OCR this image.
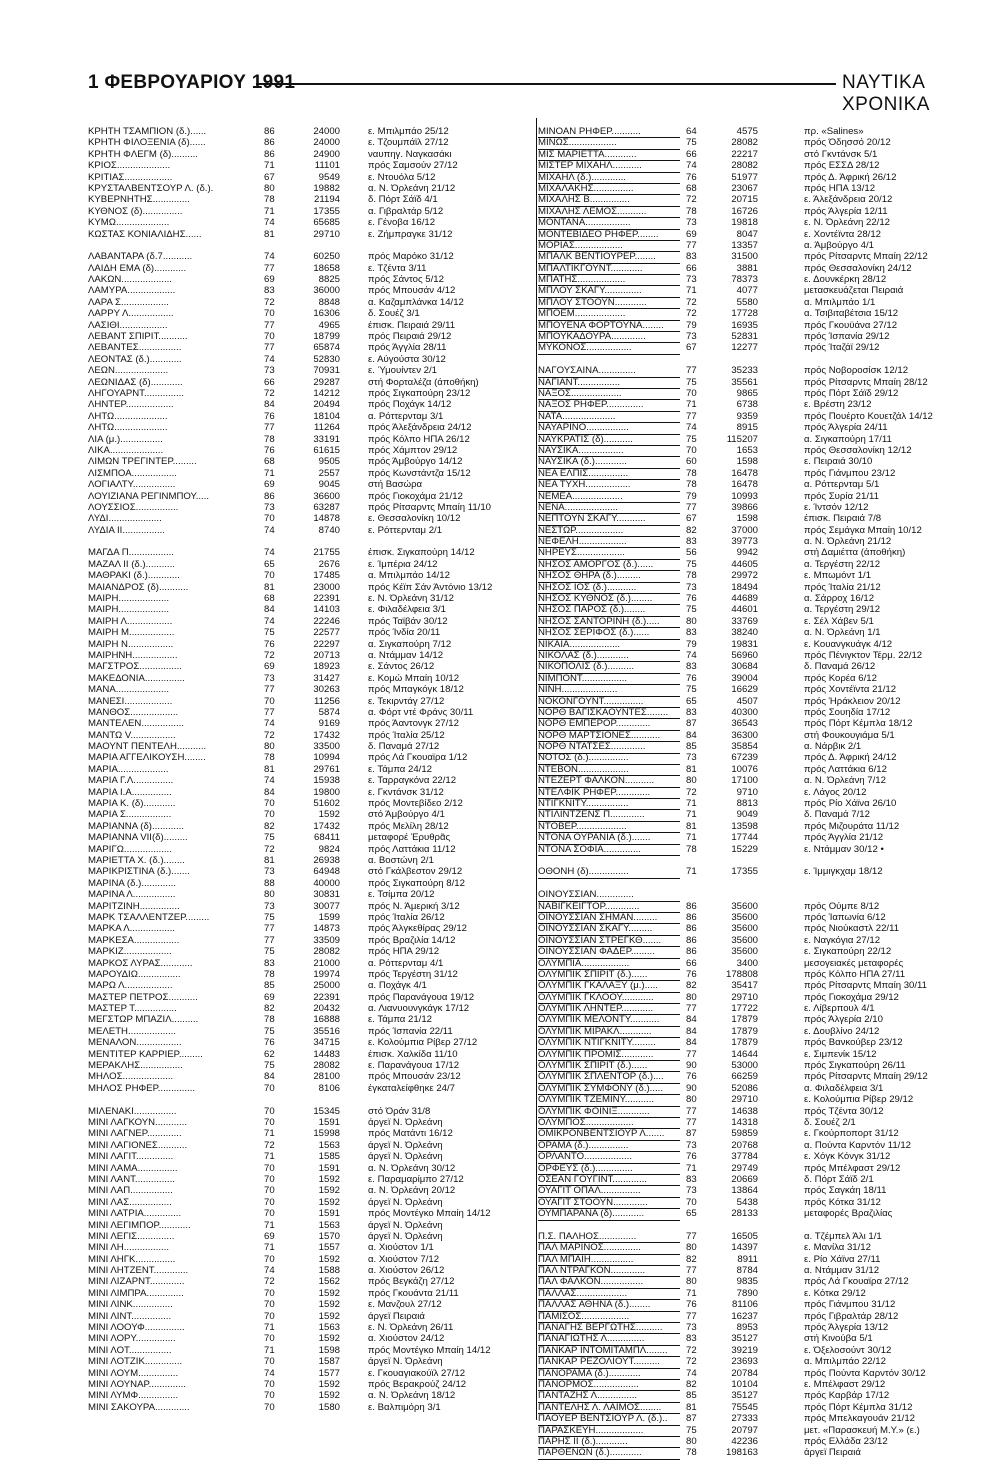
1 ΦΕΒΡΟΥΑΡΙΟΥ 1991	ΝΑΥΤΙΚΑ ΧΡΟΝΙΚΑ
ΚΡΗΤΗ ΤΣΑΜΠΙΟΝ (δ.)......	86	24000	ε. Μπιλμπάο 25/12
ΚΡΗΤΗ ΦΙΛΟΞΕΝΙΑ (δ)......	86	24000	ε. Τζουμπάϊλ 27/12
ΚΡΗΤΗ ΦΛΕΓΜ (δ)..........	86	24900	ναυπηγ. Ναγκασάκι
ΚΡΙΟΣ....................	71	11101	πρός Σαμσούν 27/12
ΚΡΙΤΙΑΣ..................	67	9549	ε. Ντουόλα 5/12
ΚΡΥΣΤΑΛΒΕΝΤΣΟΥΡ Λ. (δ.).	80	19882	α. Ν. Όρλεάνη 21/12
ΚΥΒΕΡΝΗΤΗΣ..............	78	21194	δ. Πόρτ Σάϊδ 4/1
ΚΥΘΝΟΣ (δ)...............	71	17355	α. Γιβραλτάρ 5/12
ΚΥΜΩ....................	74	65685	ε. Γένοβα 16/12
ΚΩΣΤΑΣ ΚΟΝΙΑΛΙΔΗΣ......	81	29710	ε. Ζήμπραγκε 31/12
ΛΑΒΑΝΤΑΡΑ (δ.7...........	74	60250	πρός Μαρόκο 31/12
ΛΑΙΔΗ ΕΜΑ (δ)............	77	18658	ε. Τζέντα 3/11
ΛΑΚΩΝ...................	69	8825	πρός Σάντος 5/12
ΛΑΜΥΡΑ..................	83	36000	πρός Μπουσάν 4/12
ΛΑΡΑ Σ..................	72	8848	α. Καζαμπλάνκα 14/12
ΛΑΡΡΥ Λ.................	70	16306	δ. Σουέζ 3/1
ΛΑΣΙΘΙ..................	77	4965	έπισκ. Πειραιά 29/11
ΛΕΒΑΝΤ ΣΠΙΡΙΤ...........	70	18799	πρός Πειραιά 29/12
ΛΕΒΑΝΤΕΣ................	77	65874	πρός Άγγλία 28/11
ΛΕΟΝΤΑΣ (δ.)............	74	52830	ε. Αύγούστα 30/12
ΛΕΩΝ....................	73	70931	ε. Ύμουίντεν 2/1
ΛΕΩΝΙΔΑΣ (δ)............	66	29287	στή Φορταλέζα (άποθήκη)
ΛΗΓΟΥΑΡΝΤ...............	72	14212	πρός Σιγκαπούρη 23/12
ΛΗΝΤΕΡ..................	84	20494	πρός Ποχάγκ 14/12
ΛΗΤΩ....................	76	18104	α. Ρόττερνταμ 3/1
ΛΗΤΩ....................	77	11264	πρός Άλεξάνδρεια 24/12
ΛΙΑ (μ.)................	78	33191	πρός Κόλπο ΗΠΑ 26/12
ΛΙΚΑ....................	76	61615	πρός Χάμπτον 29/12
ΛΙΜΩΝ ΤΡΕΓΙΝΤΕΡ.........	68	9505	πρός Άμβούργο 14/12
ΛΙΣΜΠΟΑ.................	71	2557	πρός Κωνστάντζα 15/12
ΛΟΓΙΑΛΤΥ................	69	9045	στή Βασώρα
ΛΟΥΙΖΙΑΝΑ ΡΕΓΙΝΜΠΟΥ.....	86	36600	πρός Γιοκοχάμα 21/12
ΛΟΥΣΣΙΟΣ................	73	63287	πρός Ρίτσαρντς Μπαίη 11/10
ΛΥΔΙ....................	70	14878	ε. Θεσσαλονίκη 10/12
ΛΥΔΙΑ ΙΙ................	74	8740	ε. Ρόττερνταμ 2/1
ΜΑΓΔΑ Π.................	74	21755	έπισκ. Σιγκαπούρη 14/12
ΜΑΖΑΛ ΙΙ (δ.)...........	65	2676	ε. Ίμπέρια 24/12
ΜΑΘΡΑΚΙ (δ.)............	70	17485	α. Μπιλμπάο 14/12
ΜΑΙΑΝΔΡΟΣ (δ)...........	81	23000	πρός Κέϊπ Σάν Άντόνιο 13/12
ΜΑΙΡΗ...................	68	22391	ε. Ν. Όρλεάνη 31/12
ΜΑΙΡΗ...................	84	14103	ε. Φιλαδέλφεια 3/1
ΜΑΙΡΗ Λ.................	74	22246	πρός Ταϊβάν 30/12
ΜΑΙΡΗ Μ.................	75	22577	πρός Ίνδία 20/11
ΜΑΙΡΗ Ν.................	76	22297	α. Σιγκαπούρη 7/12
ΜΑΙΡΗΝΗ.................	72	20713	α. Ντάμμαν 14/12
ΜΑΓΣΤΡΟΣ................	69	18923	ε. Σάντος 26/12
ΜΑΚΕΔΟΝΙΑ...............	73	31427	ε. Κομώ Μπαίη 10/12
ΜΑΝΑ....................	77	30263	πρός Μπαγκόγκ 18/12
ΜΑΝΕΣΙ..................	70	11256	ε. Τεκιρντάγ 27/12
ΜΑΝΘΟΣ..................	77	5874	α. Φόρτ ντέ Φράνς 30/11
ΜΑΝΤΕΛΕΝ................	74	9169	πρός Άαντονγκ 27/12
ΜΑΝΤΩ V.................	72	17432	πρός Ίταλία 25/12
ΜΑΟΥΝΤ ΠΕΝΤΕΛΗ...........	80	33500	δ. Παναμά 27/12
ΜΑΡΙΑ ΑΓΓΕΛΙΚΟΥΣΗ........	78	10994	πρός Λά Γκουαϊρα 1/12
ΜΑΡΙΑ...................	81	29761	ε. Τάμπα 24/12
ΜΑΡΙΑ Γ.Λ...............	74	15938	ε. Ταρραγκόνα 22/12
ΜΑΡΙΑ Ι.Α...............	84	19800	ε. Γκντάνσκ 31/12
ΜΑΡΙΑ Κ. (δ)............	70	51602	πρός Μοντεβίδεο 2/12
ΜΑΡΙΑ Σ.................	70	1592	στό Άμβούργο 4/1
ΜΑΡΙΑΝΝΑ (δ)............	82	17432	πρός Μελίλη 28/12
ΜΑΡΙΑΝΝΑ VII(δ).........	75	68411	μεταφορέ Έρυθρᾶς
ΜΑΡΙΓΩ..................	72	9824	πρός Λαττάκια 11/12
ΜΑΡΙΕΤΤΑ Χ. (δ.)........	81	26938	α. Βοστώνη 2/1
ΜΑΡΙΚΡΙΣΤΙΝΑ (δ.).......	73	64948	στό Γκάλβεστον 29/12
ΜΑΡΙΝΑ (δ.).............	88	40000	πρός Σιγκαπούρη 8/12
ΜΑΡΙΝΑ Λ................	80	30831	ε. Τσίμπα 20/12
ΜΑΡΙΤΖΙΝΗ...............	73	30077	πρός Ν. Άμερική 3/12
ΜΑΡΚ ΤΣΑΛΛΕΝΤΖΕΡ.........	75	1599	πρός Ίταλία 26/12
ΜΑΡΚΑ Λ.................	77	14873	πρός Άλγκεθίρας 29/12
ΜΑΡΚΕΣΑ.................	77	33509	πρός Βραζιλία 14/12
ΜΑΡΚΙΖ..................	75	28082	πρός ΗΠΑ 29/12
ΜΑΡΚΟΣ ΛΥΡΑΣ............	83	21000	α. Ρόττερνταμ 4/1
ΜΑΡΟΥΔΙΩ................	78	19974	πρός Τεργέστη 31/12
ΜΑΡΩ Λ..................	85	25000	α. Ποχάγκ 4/1
ΜΑΣΤΕΡ ΠΕΤΡΟΣ...........	69	22391	πρός Παρανάγουα 19/12
ΜΑΣΤΕΡ Τ................	82	20432	α. Λιανυουνγκάγκ 17/12
ΜΕΓΣΤΩΡ ΜΠΑΖΙΛ..........	78	16888	ε. Τάμπα 21/12
ΜΕΛΕΤΗ..................	75	35516	πρός Ίσπανία 22/11
ΜΕΝΑΛΟΝ.................	76	34715	ε. Κολούμπια Ρίβερ 27/12
ΜΕΝΤΙΤΕΡ ΚΑΡΡΙΕΡ.........	62	14483	έπισκ. Χαλκίδα 11/10
ΜΕΡΑΚΛΗΣ................	75	28082	ε. Παρανάγουα 17/12
ΜΗΛΟΣ...................	84	28100	πρός Μπουσάν 23/12
ΜΗΛΟΣ ΡΗΦΕΡ..............	70	8106	έγκαταλείφθηκε 24/7
ΜΙΛΕΝΑΚΙ................	70	15345	στό Όράν 31/8
ΜΙΝΙ ΛΑΓΚΟΥΝ............	70	1591	άργεϊ Ν. Όρλεάνη
ΜΙΝΙ ΛΑΓΝΕΡ.............	71	15998	πρός Ματάντι 16/12
ΜΙΝΙ ΛΑΓΙΟΝΕΣ...........	72	1563	άργεϊ Ν. Όρλεάνη
ΜΙΝΙ ΛΑΓΙΤ..............	71	1585	άργεϊ Ν. Όρλεάνη
ΜΙΝΙ ΛΑΜΑ...............	70	1591	α. Ν. Όρλεάνη 30/12
ΜΙΝΙ ΛΑΝΤ...............	70	1592	ε. Παραμαρίμπο 27/12
ΜΙΝΙ ΛΑΠ................	70	1592	α. Ν. Όρλεάνη 20/12
ΜΙΝΙ ΛΑΣ................	70	1592	άργεϊ Ν. Όρλεάνη
ΜΙΝΙ ΛΑΤΡΙΑ..............	70	1591	πρός Μοντέγκο Μπαίη 14/12
ΜΙΝΙ ΛΕΓΙΜΠΟΡ............	71	1563	άργεϊ Ν. Όρλεάνη
ΜΙΝΙ ΛΕΓΙΣ..............	69	1570	άργεϊ Ν. Όρλεάνη
ΜΙΝΙ ΛΗ.................	71	1557	α. Χιούστον 1/1
ΜΙΝΙ ΛΗΓΚ...............	70	1592	α. Χιούστον 7/12
ΜΙΝΙ ΛΗΤΖΕΝΤ.............	74	1588	α. Χιούστον 26/12
ΜΙΝΙ ΛΙΖΑΡΝΤ.............	72	1562	πρός Βεγκάζη 27/12
ΜΙΝΙ ΛΙΜΠΡΑ..............	70	1592	πρός Γκουάντα 21/11
ΜΙΝΙ ΛΙΝΚ...............	70	1592	ε. Μανζουλ 27/12
ΜΙΝΙ ΛΙΝΤ...............	70	1592	άργεϊ Πειραιά
ΜΙΝΙ ΛΟΟΥΦ...............	71	1563	ε. Ν. Όρλεάνη 26/11
ΜΙΝΙ ΛΟΡΥ...............	70	1592	α. Χιούστον 24/12
ΜΙΝΙ ΛΟΤ................	71	1598	πρός Μοντέγκο Μπαίη 14/12
ΜΙΝΙ ΛΟΤΖΙΚ..............	70	1587	άργεϊ Ν. Όρλεάνη
ΜΙΝΙ ΛΟΥΜ...............	74	1577	ε. Γκουαγιακούϊλ 27/12
ΜΙΝΙ ΛΟΥΝΑΡ..............	70	1592	πρός Βερακρούζ 24/12
ΜΙΝΙ ΛΥΜΦ...............	70	1592	α. Ν. Όρλεάνη 18/12
ΜΙΝΙ ΣΑΚΟΥΡΑ.............	70	1580	ε. Βαλπιμόρη 3/1
ΜΙΝΟΑΝ ΡΗΦΕΡ...........	64	4575	πρ. «Salines»
ΜΙΝΩΣ..................	75	28082	πρός Όδησσό 20/12
ΜΙΣ ΜΑΡΙΕΤΤΑ............	66	22217	στό Γκντάνσκ 5/1
ΜΙΣΤΕΡ ΜΙΧΑΗΛ...........	74	28082	πρός ΕΣΣΔ 28/12
ΜΙΧΑΗΛ (δ.).............	76	51977	πρός Δ. Άφρική 26/12
ΜΙΧΑΛΑΚΗΣ...............	68	23067	πρός ΗΠΑ 13/12
ΜΙΧΑΛΗΣ Β...............	72	20715	ε. Άλεξάνδρεια 20/12
ΜΙΧΑΛΗΣ ΛΕΜΟΣ...........	78	16726	πρός Άλγερία 12/11
ΜΟΝΤΑΝΑ.................	73	19818	ε. Ν. Όρλεάνη 22/12
ΜΟΝΤΕΒΙΔΕΟ ΡΗΦΕΡ........	69	8047	ε. Χοντέϊντα 28/12
ΜΟΡΙΑΣ..................	77	13357	α. Άμβούργο 4/1
ΜΠΑΛΚ ΒΕΝΤΙΟΥΡΕΡ........	83	31500	πρός Ρίτσαρντς Μπαίη 22/12
ΜΠΑΛΤΙΚΓΟΥΝΤ............	66	3881	πρός Θεσσαλονίκη 24/12
ΜΠΑΤΗΣ..................	73	78373	ε. Δουνκέρκη 28/12
ΜΠΛΟΥ ΣΚΑΓΥ..............	71	4077	μετασκευάζεται Πειραιά
ΜΠΛΟΥ ΣΤΟΟΥΝ............	72	5580	α. Μπιλμπάο 1/1
ΜΠΟΕΜ...................	72	17728	α. Τσιβιταβέτσια 15/12
ΜΠΟΥΕΝΑ ΦΟΡΤΟΥΝΑ........	79	16935	πρός Γκουϋάνα 27/12
ΜΠΟΥΚΑΔΟΥΡΑ.............	73	52831	πρός Ίσπανία 29/12
ΜΥΚΟΝΟΣ.................	67	12277	πρός Ίταζάϊ 29/12
ΝΑΓΟΥΣΑΙΝΑ..............	77	35233	πρός Νοβοροσίσκ 12/12
ΝΑΓΙΑΝΤ................	75	35561	πρός Ρίτσαρντς Μπαίη 28/12
ΝΑΞΟΣ...................	70	9865	πρός Πόρτ Σάϊδ 29/12
ΝΑΞΟΣ ΡΗΦΕΡ..............	71	6738	ε. Βρέστη 23/12
ΝΑΤΑ....................	77	9359	πρός Πουέρτο Κουετζάλ 14/12
ΝΑΥΑΡΙΝΟ................	74	8915	πρός Άλγερία 24/11
ΝΑΥΚΡΑΤΙΣ (δ)...........	75	115207	α. Σιγκαπούρη 17/11
ΝΑΥΣΙΚΑ.................	70	1653	πρός Θεσσαλονίκη 12/12
ΝΑΥΣΙΚΑ (δ.)............	60	1598	ε. Πειραιά 30/10
ΝΕΑ ΕΛΠΙΣ...............	78	16478	πρός Γιάνμπου 23/12
ΝΕΑ ΤΥΧΗ.................	78	16478	α. Ρόττερνταμ 5/1
ΝΕΜΕΑ...................	79	10993	πρός Συρία 21/11
ΝΕΝΑ....................	77	39866	ε. Ίντσόν 12/12
ΝΕΠΤΟΥΝ ΣΚΑΓΥ...........	67	1598	έπισκ. Πειραιά 7/8
ΝΕΣΤΩΡ..................	82	37000	πρός Σεμάγκα Μπαίη 10/12
ΝΕΦΕΛΗ..................	83	39773	α. Ν. Όρλεάνη 21/12
ΝΗΡΕΥΣ..................	56	9942	στή Δαμιέττα (άποθήκη)
ΝΗΣΟΣ ΑΜΟΡΓΟΣ (δ.)......	75	44605	α. Τεργέστη 22/12
ΝΗΣΟΣ ΘΗΡΑ (δ.).........	78	29972	ε. Μπωμόντ 1/1
ΝΗΣΟΣ ΙΟΣ (δ.)...........	73	18494	πρός Ίταλία 21/12
ΝΗΣΟΣ ΚΥΘΝΟΣ (δ.)........	76	44689	α. Σάρροχ 16/12
ΝΗΣΟΣ ΠΑΡΟΣ (δ.)........	75	44601	α. Τεργέστη 29/12
ΝΗΣΟΣ ΣΑΝΤΟΡΙΝΗ (δ.).....	80	33769	ε. Σέλ Χάβεν 5/1
ΝΗΣΟΣ ΣΕΡΙΦΟΣ (δ.)......	83	38240	α. Ν. Όρλεάνη 1/1
ΝΙΚΑΙΑ...................	79	19831	ε. Κουανγκυάγκ 4/12
ΝΙΚΟΛΑΣ (δ.)............	74	56960	πρός Πένιγκτον Τέρμ. 22/12
ΝΙΚΟΠΟΛΙΣ (δ.)..........	83	30684	δ. Παναμά 26/12
ΝΙΜΠΟΝΤ.................	76	39004	πρός Κορέα 6/12
ΝΙΝΗ.....................	75	16629	πρός Χοντέϊντα 21/12
ΝΟΚΟΝΓΟΥΝΤ...............	65	4507	πρός Ήράκλειον 20/12
ΝΟΡΘ ΒΑΓΙΣΚΑΟΥΝΤΕΣ........	83	40300	πρός Σουηδία 17/12
ΝΟΡΘ ΕΜΠΕΡΟΡ.............	87	36543	πρός Πόρτ Κέμπλα 18/12
ΝΟΡΘ ΜΑΡΤΣΙΟΝΕΣ...........	84	36300	στή Φουκουγιάμα 5/1
ΝΟΡΘ ΝΤΑΤΣΕΣ.............	85	35854	α. Νάρβικ 2/1
ΝΟΤΟΣ (δ.)...............	73	67239	πρός Δ. Άφρική 24/12
ΝΤΕΒΟΝ...................	81	10076	πρός Λαττάκια 6/12
ΝΤΕΖΕΡΤ ΦΑΛΚΟΝ...........	80	17100	α. Ν. Όρλεάνη 7/12
ΝΤΕΛΦΙΚ ΡΗΦΕΡ.............	72	9710	ε. Λάγος 20/12
ΝΤΙΓΚΝΙΤΥ................	71	8813	πρός Ρίο Χάϊνα 26/10
ΝΤΙΛΙΝΤΖΕΝΣ Π.............	71	9049	δ. Παναμά 7/12
ΝΤΟΒΕΡ...................	81	13598	πρός Μιζουράτα 11/12
ΝΤΟΝΑ ΟΥΡΑΝΙΑ (δ.).......	71	17744	πρός Άγγλία 21/12
ΝΤΟΝΑ ΣΟΦΙΑ..............	78	15229	ε. Ντάμμαν 30/12 •
ΟΘΟΝΗ (δ)...............	71	17355	ε. Ίμμιγκχαμ 18/12
ΟΙΝΟΥΣΣΙΑΝ..............
ΝΑΒΙΓΚΕΙΓΤΟΡ.............	86	35600	πρός Ούμπε 8/12
ΟΙΝΟΥΣΣΙΑΝ ΣΗΜΑΝ.........	86	35600	πρός Ίαπωνία 6/12
ΟΙΝΟΥΣΣΙΑΝ ΣΚΑΓΥ.........	86	35600	πρός Νιούκαστλ 22/11
ΟΙΝΟΥΣΣΙΑΝ ΣΤΡΕΓΚΘ.......	86	35600	ε. Ναγκόγια 27/12
ΟΙΝΟΥΣΣΙΑΝ ΦΑΔΕΡ.........	86	35600	ε. Σιγκαπούρη 22/12
ΟΛΥΜΠΙΑ..................	66	3400	μεσογειακές μεταφορές
ΟΛΥΜΠΙΚ ΣΠΙΡΙΤ (δ.)......	76	178808	πρός Κόλπο ΗΠΑ 27/11
ΟΛΥΜΠΙΚ ΓΚΑΛΑΞΥ (μ.).....	82	35417	πρός Ρίτσαρντς Μπαίη 30/11
ΟΛΥΜΠΙΚ ΓΚΛΟΟΥ............	80	29710	πρός Γιοκοχάμα 29/12
ΟΛΥΜΠΙΚ ΛΗΝΤΕΡ............	77	17722	ε. Λίβερπουλ 4/1
ΟΛΥΜΠΙΚ ΜΕΛΟΝΤΥ...........	84	17879	πρός Άλγερία 2/10
ΟΛΥΜΠΙΚ ΜΙΡΑΚΛ............	84	17879	ε. Δουβλίνο 24/12
ΟΛΥΜΠΙΚ ΝΤΙΓΚΝΙΤΥ.........	84	17879	πρός Βανκούβερ 23/12
ΟΛΥΜΠΙΚ ΠΡΟΜΙΣ............	77	14644	ε. Σιμπενίκ 15/12
ΟΛΥΜΠΙΚ ΣΠΙΡΙΤ (δ.)......	90	53000	πρός Σιγκαπούρη 26/11
ΟΛΥΜΠΙΚ ΣΠΛΕΝΤΟΡ (δ.)....	76	66259	πρός Ρίτσαρντς Μπαίη 29/12
ΟΛΥΜΠΙΚ ΣΥΜΦΟΝΥ (δ.).....	90	52086	α. Φιλαδέλφεια 3/1
ΟΛΥΜΠΙΚ ΤΖΕΜΙΝΥ...........	80	29710	ε. Κολούμπια Ρίβερ 29/12
ΟΛΥΜΠΙΚ ΦΟΙΝΙΞ............	77	14638	πρός Τζέντα 30/12
ΟΛΥΜΠΟΣ..................	77	14318	δ. Σουέζ 2/1
ΟΜΙΚΡΟΝΒΕΝΤΣΙΟΥΡ Λ.......	87	59859	ε. Γκούρποπορτ 31/12
ΟΡΑΜΑ (δ.)...............	73	20768	α. Πούντα Καρντόν 11/12
ΟΡΛΑΝΤΟ..................	76	37784	ε. Χόγκ Κόνγκ 31/12
ΟΡΦΕΥΣ (δ.)..............	71	29749	πρός Μπέλφαστ 29/12
ΟΣΕΑΝ ΓΟΥΓΙΝΤ.............	83	20669	δ. Πόρτ Σάϊδ 2/1
ΟΥΑΓΙΤ ΟΠΑΛ...............	73	13864	πρός Σαγκάη 18/11
ΟΥΑΓΙΤ ΣΤΟΟΥΝ.............	70	5438	πρός Κότκα 31/12
ΟΥΜΠΑΡΑΝΑ (δ)............	65	28133	μεταφορές Βραζιλίας
Π.Σ. ΠΑΛΗΟΣ..............	77	16505	α. Τζέμπελ Άλι 1/1
ΠΑΛ ΜΑΡΙΝΟΣ..............	80	14397	ε. Μανίλα 31/12
ΠΑΛ ΜΠΑΙΗ................	82	8911	ε. Ρίο Χάϊνα 27/11
ΠΑΛ ΝΤΡΑΓΚΟΝ.............	77	8784	α. Ντάμμαν 31/12
ΠΑΛ ΦΑΛΚΟΝ................	80	9835	πρός Λά Γκουαϊρα 27/12
ΠΑΛΛΑΣ...................	71	7890	ε. Κότκα 29/12
ΠΑΛΛΑΣ ΑΘΗΝΑ (δ.)........	76	81106	πρός Γιάνμπου 31/12
ΠΑΜΙΣΟΣ..................	77	16237	πρός Γιβραλτάρ 28/12
ΠΑΝΑΓΗΣ ΒΕΡΓΩΤΗΣ..........	73	8953	πρός Άλγερία 13/12
ΠΑΝΑΓΙΩΤΗΣ Λ..............	83	35127	στή Κινούβα 5/1
ΠΑΝΚΑΡ ΙΝΤΟΜΙΤΑΜΠΛ........	72	39219	ε. Όξελοσούντ 30/12
ΠΑΝΚΑΡ ΡΕΖΟΛΙΟΥΤ..........	72	23693	α. Μπιλμπάο 22/12
ΠΑΝΟΡΑΜΑ (δ.)............	74	20784	πρός Πούντα Καρντόν 30/12
ΠΑΝΟΡΜΟΣ.................	82	10104	ε. Μπέλφαστ 29/12
ΠΑΝΤΑΖΗΣ Λ...............	85	35127	πρός Καρβάρ 17/12
ΠΑΝΤΕΛΗΣ Λ. ΛΑΙΜΟΣ........	81	75545	πρός Πόρτ Κέμπλα 31/12
ΠΑΟΥΕΡ ΒΕΝΤΣΙΟΥΡ Λ. (δ.)..	87	27333	πρός Μπελκαγουάν 21/12
ΠΑΡΑΣΚΕΥΗ..................	75	20797	μετ. «Παρασκευή Μ.Υ.» (ε.)
ΠΑΡΗΣ ΙΙ (δ.)............	80	42236	πρός Ελλάδα 23/12
ΠΑΡΘΕΝΩΝ (δ.)............	78	198163	άργεϊ Πειραιά
